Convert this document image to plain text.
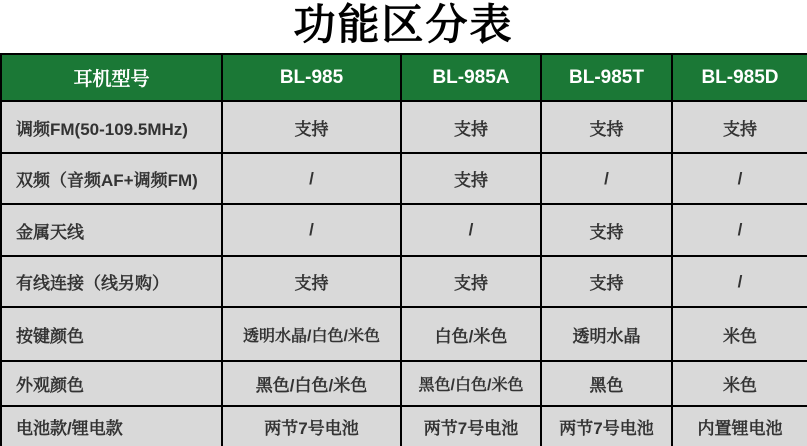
功能区分表
耳机型号	BL-985	BL-985A	BL-985T	BL-985D
调频FM(50-109.5MHz)	支持	支持	支持	支持
双频（音频AF+调频FM)	/	支持	/	/
金属天线	/	/	支持	/
有线连接（线另购）	支持	支持	支持	/
按键颜色	透明水晶/白色/米色	白色/米色	透明水晶	米色
外观颜色	黑色/白色/米色	黑色/白色/米色	黑色	米色
电池款/锂电款	两节7号电池	两节7号电池	两节7号电池	内置锂电池
